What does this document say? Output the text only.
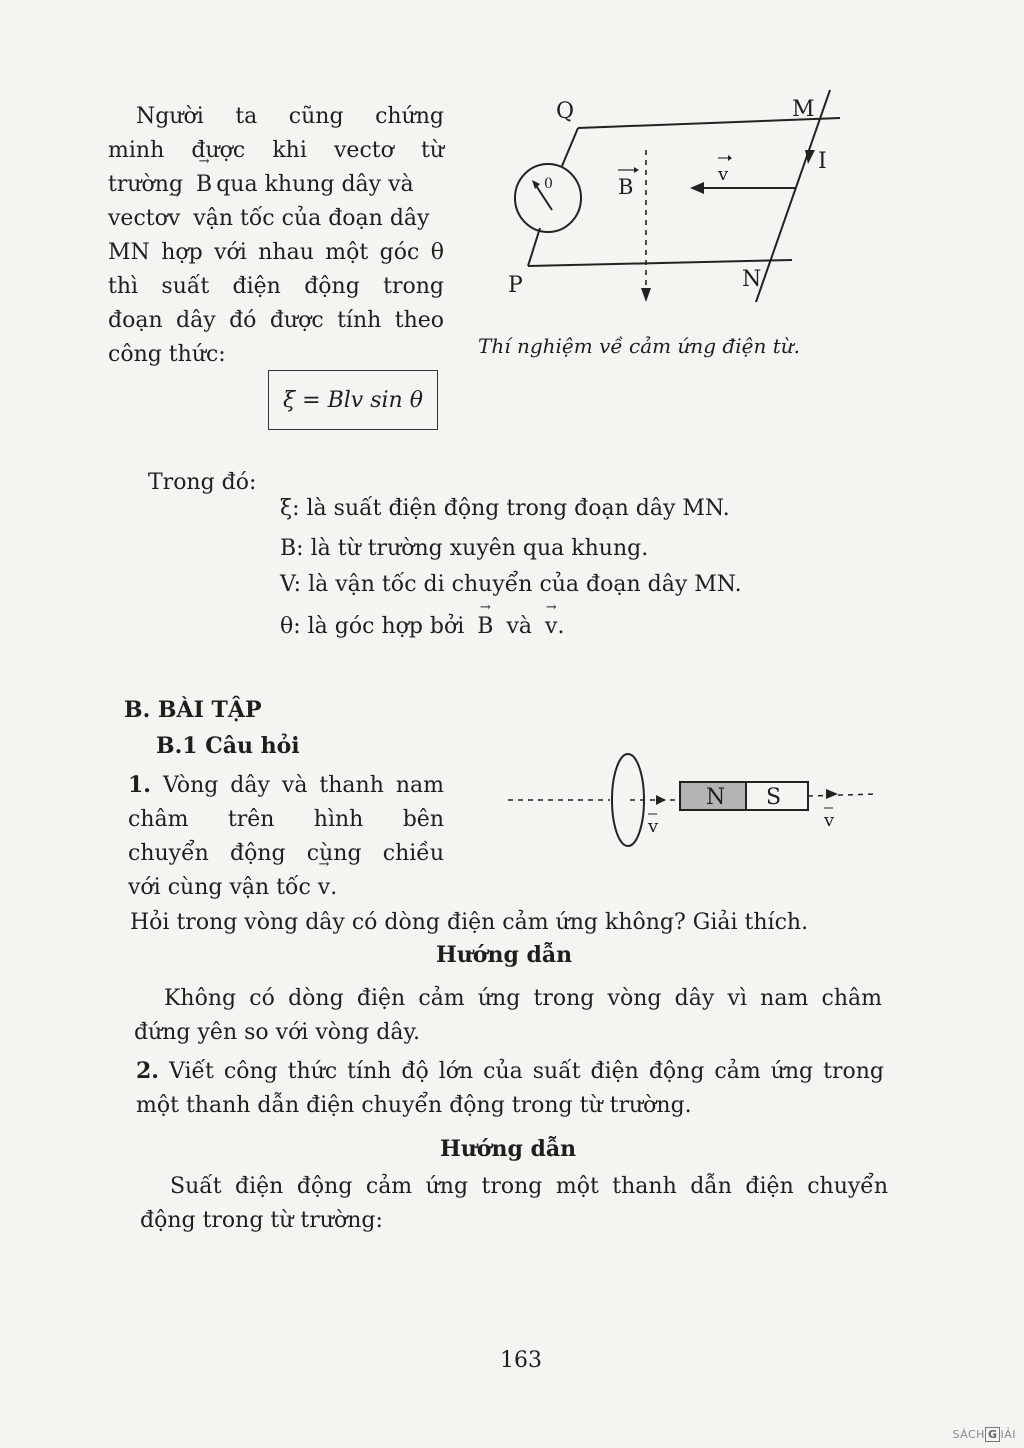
Người ta cũng chứng
minh được khi vectơ từ
trường → B qua khung dây và
vectơ→ v vận tốc của đoạn dây
MN hợp với nhau một góc θ
thì suất điện động trong
đoạn dây đó được tính theo
công thức:
ξ = Blv sin θ
0	B
v
Q	M
I
P	N
Thí nghiệm về cảm ứng điện từ.
Trong đó:
ξ: là suất điện động trong đoạn dây MN.
B: là từ trường xuyên qua khung.
V: là vận tốc di chuyển của đoạn dây MN.
θ: là góc hợp bởi → B và → v.
B. BÀI TẬP
B.1 Câu hỏi
1. Vòng dây và thanh nam
châm trên hình bên
chuyển động cùng chiều
với cùng vận tốc → v.
Hỏi trong vòng dây có dòng điện cảm ứng không? Giải thích.
Hướng dẫn
Không có dòng điện cảm ứng trong vòng dây vì nam châm
đứng yên so với vòng dây.
v
N S
v
2. Viết công thức tính độ lớn của suất điện động cảm ứng trong
một thanh dẫn điện chuyển động trong từ trường.
Hướng dẫn
Suất điện động cảm ứng trong một thanh dẫn điện chuyển
động trong từ trường:
163
SÁCH G IẢI
